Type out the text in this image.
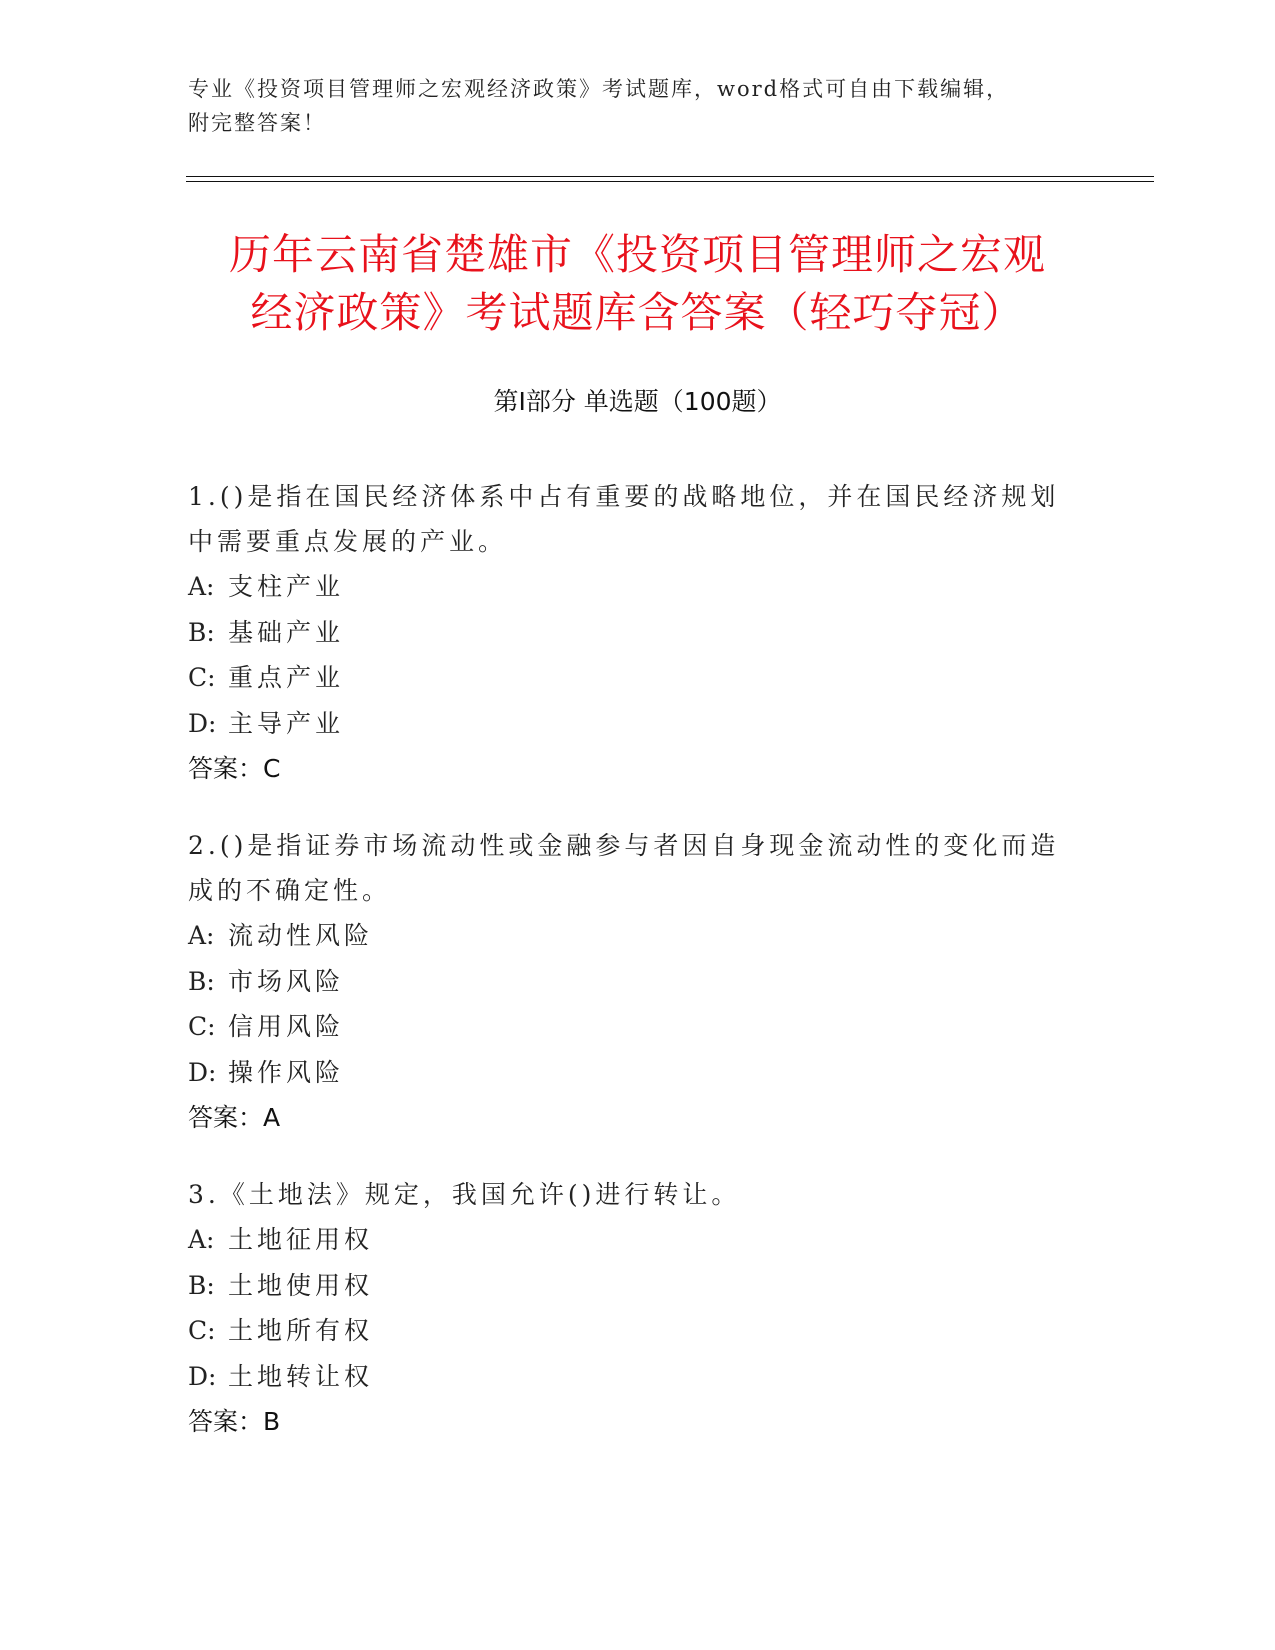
专业《投资项目管理师之宏观经济政策》考试题库，word格式可自由下载编辑，
附完整答案！
历年云南省楚雄市《投资项目管理师之宏观
经济政策》考试题库含答案（轻巧夺冠）
第Ⅰ部分 单选题（100题）
1.()是指在国民经济体系中占有重要的战略地位，并在国民经济规划
中需要重点发展的产业。
A: 支柱产业
B: 基础产业
C: 重点产业
D: 主导产业
答案：C
2.()是指证券市场流动性或金融参与者因自身现金流动性的变化而造
成的不确定性。
A: 流动性风险
B: 市场风险
C: 信用风险
D: 操作风险
答案：A
3.《土地法》规定，我国允许()进行转让。
A: 土地征用权
B: 土地使用权
C: 土地所有权
D: 土地转让权
答案：B
